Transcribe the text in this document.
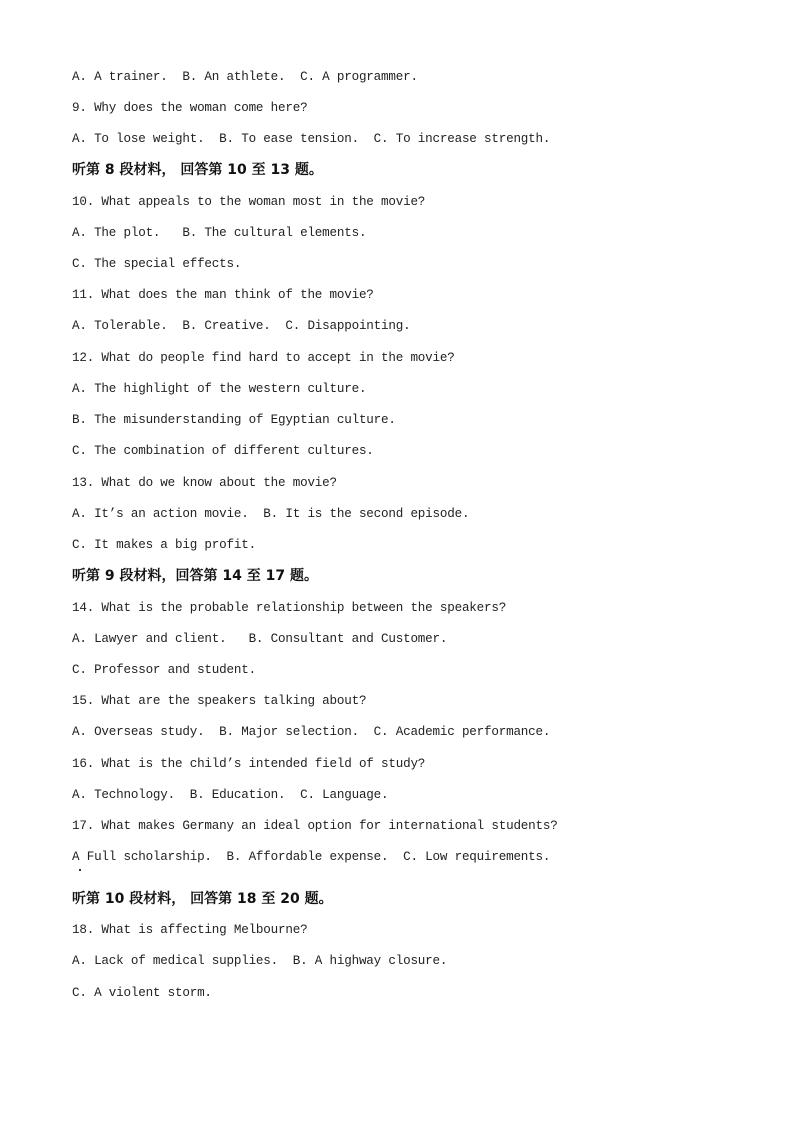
A. A trainer.  B. An athlete.  C. A programmer.
9. Why does the woman come here?
A. To lose weight.  B. To ease tension.  C. To increase strength.
听第 8 段材料， 回答第 10 至 13 题。
10. What appeals to the woman most in the movie?
A. The plot.   B. The cultural elements.
C. The special effects.
11. What does the man think of the movie?
A. Tolerable.  B. Creative.  C. Disappointing.
12. What do people find hard to accept in the movie?
A. The highlight of the western culture.
B. The misunderstanding of Egyptian culture.
C. The combination of different cultures.
13. What do we know about the movie?
A. It’s an action movie.  B. It is the second episode.
C. It makes a big profit.
听第 9 段材料，回答第 14 至 17 题。
14. What is the probable relationship between the speakers?
A. Lawyer and client.   B. Consultant and Customer.
C. Professor and student.
15. What are the speakers talking about?
A. Overseas study.  B. Major selection.  C. Academic performance.
16. What is the child’s intended field of study?
A. Technology.  B. Education.  C. Language.
17. What makes Germany an ideal option for international students?
A Full scholarship.  B. Affordable expense.  C. Low requirements.
听第 10 段材料， 回答第 18 至 20 题。
18. What is affecting Melbourne?
A. Lack of medical supplies.  B. A highway closure.
C. A violent storm.
